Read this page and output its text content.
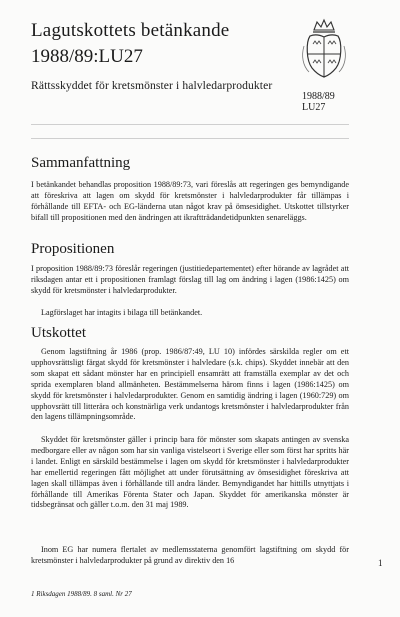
Lagutskottets betänkande
1988/89:LU27
Rättsskyddet för kretsmönster i halvledarprodukter
1988/89
LU27
Sammanfattning

I betänkandet behandlas proposition 1988/89:73, vari föreslås att regeringen ges bemyndigande att föreskriva att lagen om skydd för kretsmönster i halvledarprodukter får tillämpas i förhållande till EFTA- och EG-länderna utan något krav på ömsesidighet. Utskottet tillstyrker bifall till propositionen med den ändringen att ikraftträdandetidpunkten senareläggs.

Propositionen

I proposition 1988/89:73 föreslår regeringen (justitiedepartementet) efter hörande av lagrådet att riksdagen antar ett i propositionen framlagt förslag till lag om ändring i lagen (1986:1425) om skydd för kretsmönster i halvledarprodukter.

Lagförslaget har intagits i bilaga till betänkandet.

Utskottet

Genom lagstiftning år 1986 (prop. 1986/87:49, LU 10) infördes särskilda regler om ett upphovsrättsligt färgat skydd för kretsmönster i halvledare (s.k. chips). Skyddet innebär att den som skapat ett sådant mönster har en principiell ensamrätt att framställa exemplar av det och sprida exemplaren bland allmänheten. Bestämmelserna härom finns i lagen (1986:1425) om skydd för kretsmönster i halvledarprodukter. Genom en samtidig ändring i lagen (1960:729) om upphovsrätt till litterära och konstnärliga verk undantogs kretsmönster i halvledarprodukter från den lagens tillämpningsområde.

Skyddet för kretsmönster gäller i princip bara för mönster som skapats antingen av svenska medborgare eller av någon som har sin vanliga vistelseort i Sverige eller som först har spritts här i landet. Enligt en särskild bestämmelse i lagen om skydd för kretsmönster i halvledarprodukter har emellertid regeringen fått möjlighet att under förutsättning av ömsesidighet föreskriva att lagen skall tillämpas även i förhållande till andra länder. Bemyndigandet har hittills utnyttjats i förhållande till Amerikas Förenta Stater och Japan. Skyddet för amerikanska mönster är tidsbegränsat och gäller t.o.m. den 31 maj 1989.

Inom EG har numera flertalet av medlemsstaterna genomfört lagstiftning om skydd för kretsmönster i halvledarprodukter på grund av direktiv den 16	1
1 Riksdagen 1988/89. 8 saml. Nr 27
